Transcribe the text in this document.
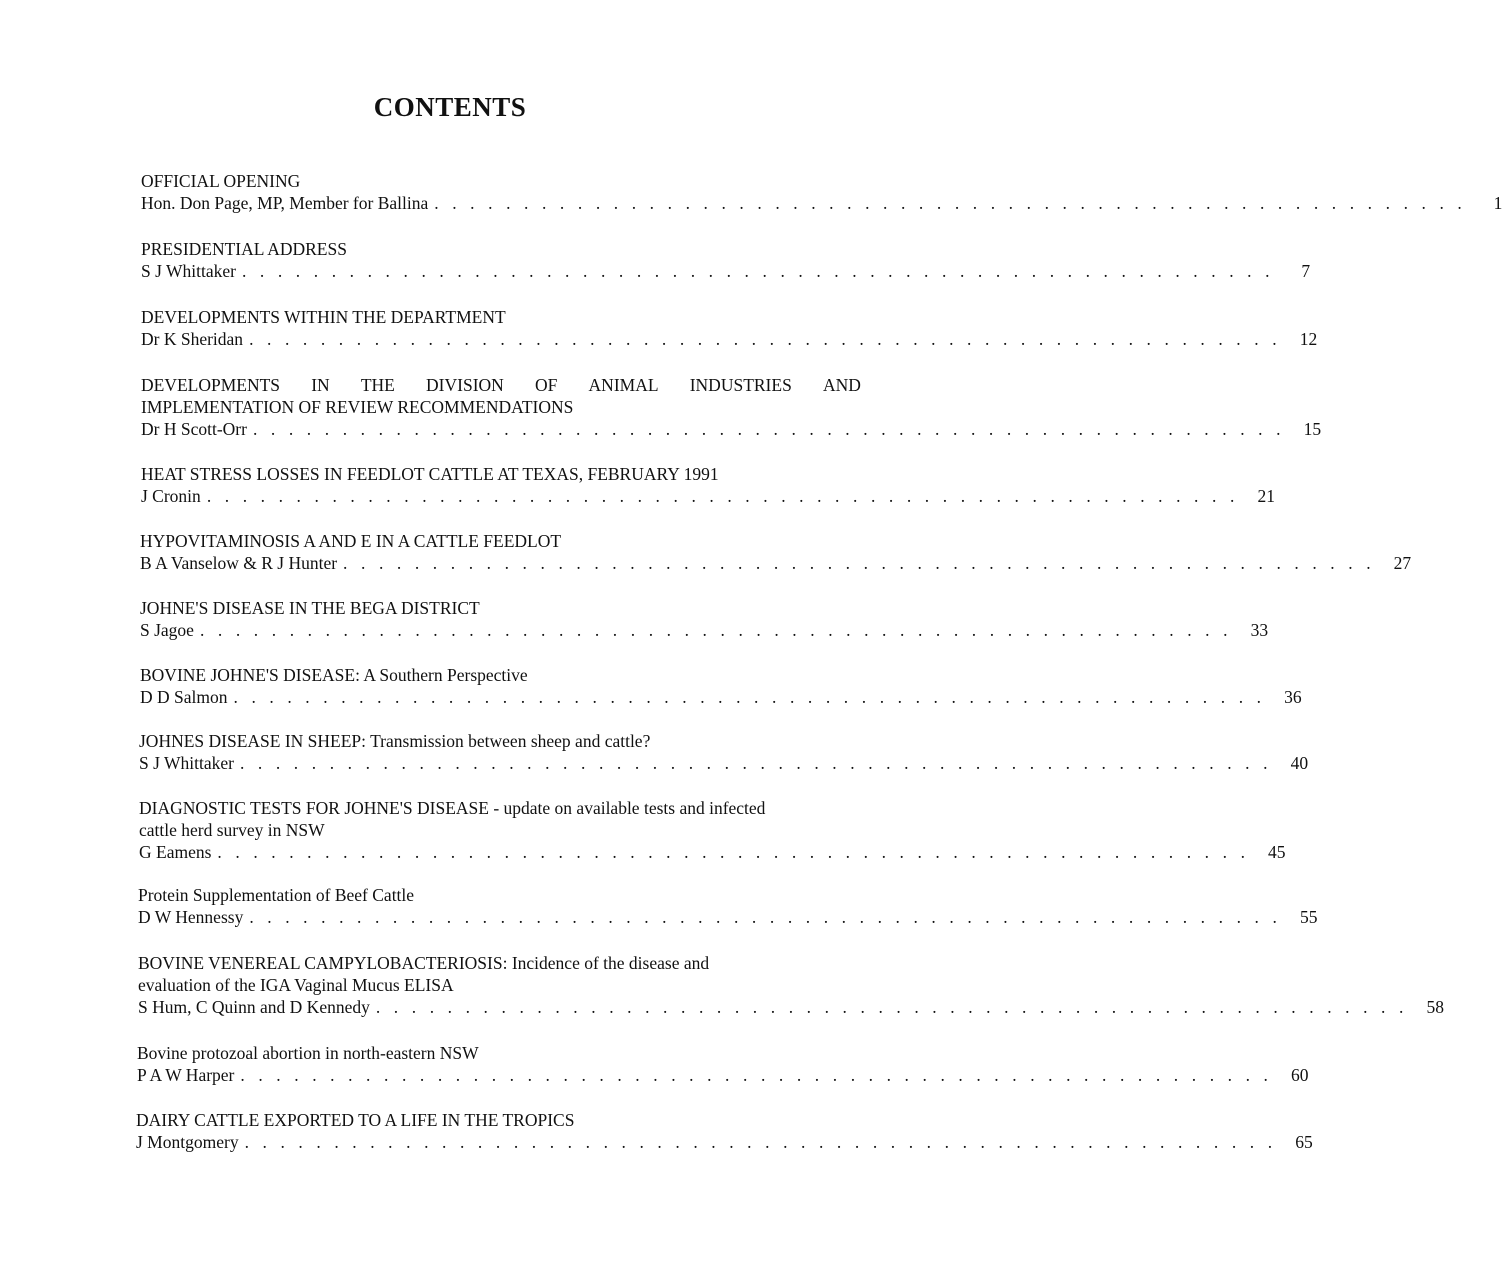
CONTENTS
OFFICIAL OPENING
Hon. Don Page, MP, Member for Ballina . . . . . . . . . . . . . . . . . . . . . . . . . . . . . . . . . . . . . . . . . . . . . . . . . . . . . . . . . .	1
PRESIDENTIAL ADDRESS
S J Whittaker . . . . . . . . . . . . . . . . . . . . . . . . . . . . . . . . . . . . . . . . . . . . . . . . . . . . . . . . . .	7
DEVELOPMENTS WITHIN THE DEPARTMENT
Dr K Sheridan . . . . . . . . . . . . . . . . . . . . . . . . . . . . . . . . . . . . . . . . . . . . . . . . . . . . . . . . . .	12
DEVELOPMENTS IN THE DIVISION OF ANIMAL INDUSTRIES AND
IMPLEMENTATION OF REVIEW RECOMMENDATIONS
Dr H Scott-Orr . . . . . . . . . . . . . . . . . . . . . . . . . . . . . . . . . . . . . . . . . . . . . . . . . . . . . . . . . .	15
HEAT STRESS LOSSES IN FEEDLOT CATTLE AT TEXAS, FEBRUARY 1991
J Cronin . . . . . . . . . . . . . . . . . . . . . . . . . . . . . . . . . . . . . . . . . . . . . . . . . . . . . . . . . .	21
HYPOVITAMINOSIS A AND E IN A CATTLE FEEDLOT
B A Vanselow & R J Hunter . . . . . . . . . . . . . . . . . . . . . . . . . . . . . . . . . . . . . . . . . . . . . . . . . . . . . . . . . .	27
JOHNE'S DISEASE IN THE BEGA DISTRICT
S Jagoe . . . . . . . . . . . . . . . . . . . . . . . . . . . . . . . . . . . . . . . . . . . . . . . . . . . . . . . . . .	33
BOVINE JOHNE'S DISEASE: A Southern Perspective
D D Salmon . . . . . . . . . . . . . . . . . . . . . . . . . . . . . . . . . . . . . . . . . . . . . . . . . . . . . . . . . .	36
JOHNES DISEASE IN SHEEP: Transmission between sheep and cattle?
S J Whittaker . . . . . . . . . . . . . . . . . . . . . . . . . . . . . . . . . . . . . . . . . . . . . . . . . . . . . . . . . .	40
DIAGNOSTIC TESTS FOR JOHNE'S DISEASE - update on available tests and infected
cattle herd survey in NSW
G Eamens . . . . . . . . . . . . . . . . . . . . . . . . . . . . . . . . . . . . . . . . . . . . . . . . . . . . . . . . . .	45
Protein Supplementation of Beef Cattle
D W Hennessy . . . . . . . . . . . . . . . . . . . . . . . . . . . . . . . . . . . . . . . . . . . . . . . . . . . . . . . . . .	55
BOVINE VENEREAL CAMPYLOBACTERIOSIS: Incidence of the disease and
evaluation of the IGA Vaginal Mucus ELISA
S Hum, C Quinn and D Kennedy . . . . . . . . . . . . . . . . . . . . . . . . . . . . . . . . . . . . . . . . . . . . . . . . . . . . . . . . . .	58
Bovine protozoal abortion in north-eastern NSW
P A W Harper . . . . . . . . . . . . . . . . . . . . . . . . . . . . . . . . . . . . . . . . . . . . . . . . . . . . . . . . . .	60
DAIRY CATTLE EXPORTED TO A LIFE IN THE TROPICS
J Montgomery . . . . . . . . . . . . . . . . . . . . . . . . . . . . . . . . . . . . . . . . . . . . . . . . . . . . . . . . . .	65
